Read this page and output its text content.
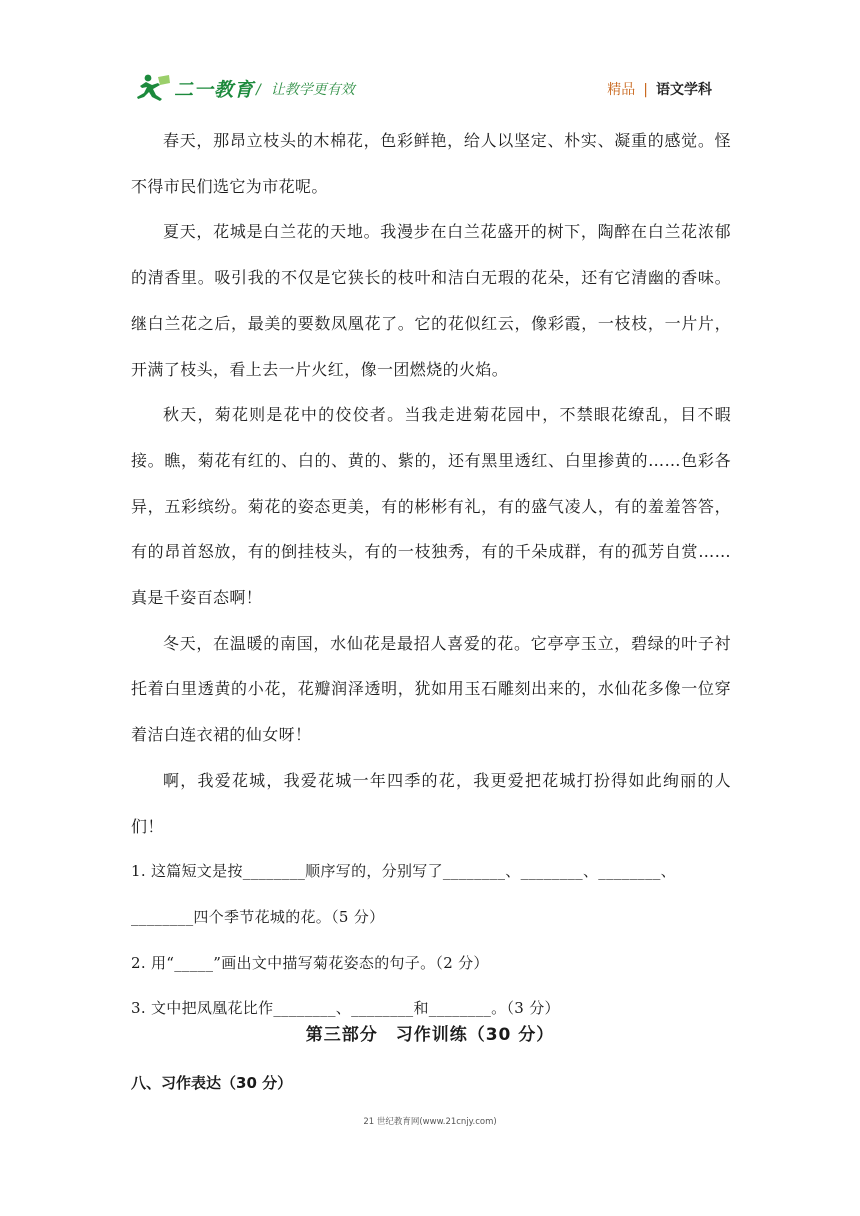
二一教育 / 让教学更有效	精品 | 语文学科

春天，那昂立枝头的木棉花，色彩鲜艳，给人以坚定、朴实、凝重的感觉。怪不得市民们选它为市花呢。

夏天，花城是白兰花的天地。我漫步在白兰花盛开的树下，陶醉在白兰花浓郁的清香里。吸引我的不仅是它狭长的枝叶和洁白无瑕的花朵，还有它清幽的香味。继白兰花之后，最美的要数凤凰花了。它的花似红云，像彩霞，一枝枝，一片片，开满了枝头，看上去一片火红，像一团燃烧的火焰。

秋天，菊花则是花中的佼佼者。当我走进菊花园中，不禁眼花缭乱，目不暇接。瞧，菊花有红的、白的、黄的、紫的，还有黑里透红、白里掺黄的……色彩各异，五彩缤纷。菊花的姿态更美，有的彬彬有礼，有的盛气凌人，有的羞羞答答，有的昂首怒放，有的倒挂枝头，有的一枝独秀，有的千朵成群，有的孤芳自赏……真是千姿百态啊！

冬天，在温暖的南国，水仙花是最招人喜爱的花。它亭亭玉立，碧绿的叶子衬托着白里透黄的小花，花瓣润泽透明，犹如用玉石雕刻出来的，水仙花多像一位穿着洁白连衣裙的仙女呀！

啊，我爱花城，我爱花城一年四季的花，我更爱把花城打扮得如此绚丽的人们！

1. 这篇短文是按________顺序写的，分别写了________、________、________、________四个季节花城的花。（5 分）

2. 用“_____”画出文中描写菊花姿态的句子。（2 分）

3. 文中把凤凰花比作________、________和________。（3 分）

第三部分　习作训练（30 分）
八、习作表达（30 分）
21 世纪教育网(www.21cnjy.com)
